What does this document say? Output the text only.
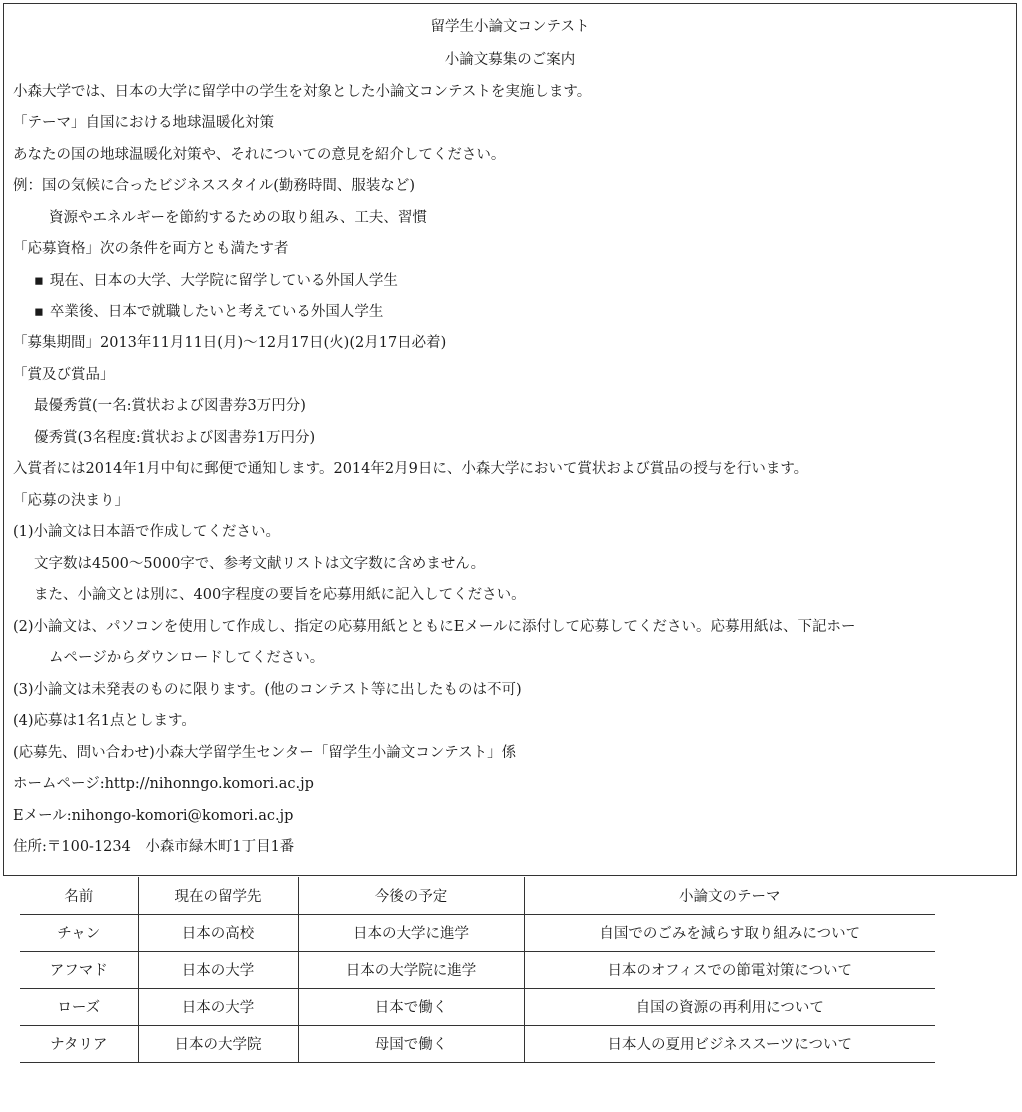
留学生小論文コンテスト
小論文募集のご案内
小森大学では、日本の大学に留学中の学生を対象とした小論文コンテストを実施します。
「テーマ」自国における地球温暖化対策
あなたの国の地球温暖化対策や、それについての意見を紹介してください。
例：国の気候に合ったビジネススタイル(勤務時間、服装など)
資源やエネルギーを節約するための取り組み、工夫、習慣
「応募資格」次の条件を両方とも満たす者
▪ 現在、日本の大学、大学院に留学している外国人学生
▪ 卒業後、日本で就職したいと考えている外国人学生
「募集期間」2013年11月11日(月)〜12月17日(火)(2月17日必着)
「賞及び賞品」
最優秀賞(一名:賞状および図書券3万円分)
優秀賞(3名程度:賞状および図書券1万円分)
入賞者には2014年1月中旬に郵便で通知します。2014年2月9日に、小森大学において賞状および賞品の授与を行います。
「応募の決まり」
(1)小論文は日本語で作成してください。
文字数は4500〜5000字で、参考文献リストは文字数に含めません。
また、小論文とは別に、400字程度の要旨を応募用紙に記入してください。
(2)小論文は、パソコンを使用して作成し、指定の応募用紙とともにEメールに添付して応募してください。応募用紙は、下記ホー
ムページからダウンロードしてください。
(3)小論文は未発表のものに限ります。(他のコンテスト等に出したものは不可)
(4)応募は1名1点とします。
(応募先、問い合わせ)小森大学留学生センター「留学生小論文コンテスト」係
ホームページ:http://nihonngo.komori.ac.jp
Eメール:nihongo-komori@komori.ac.jp
住所:〒100-1234　小森市緑木町1丁目1番
名前	現在の留学先	今後の予定	小論文のテーマ
チャン	日本の高校	日本の大学に進学	自国でのごみを減らす取り組みについて
アフマド	日本の大学	日本の大学院に進学	日本のオフィスでの節電対策について
ローズ	日本の大学	日本で働く	自国の資源の再利用について
ナタリア	日本の大学院	母国で働く	日本人の夏用ビジネススーツについて
